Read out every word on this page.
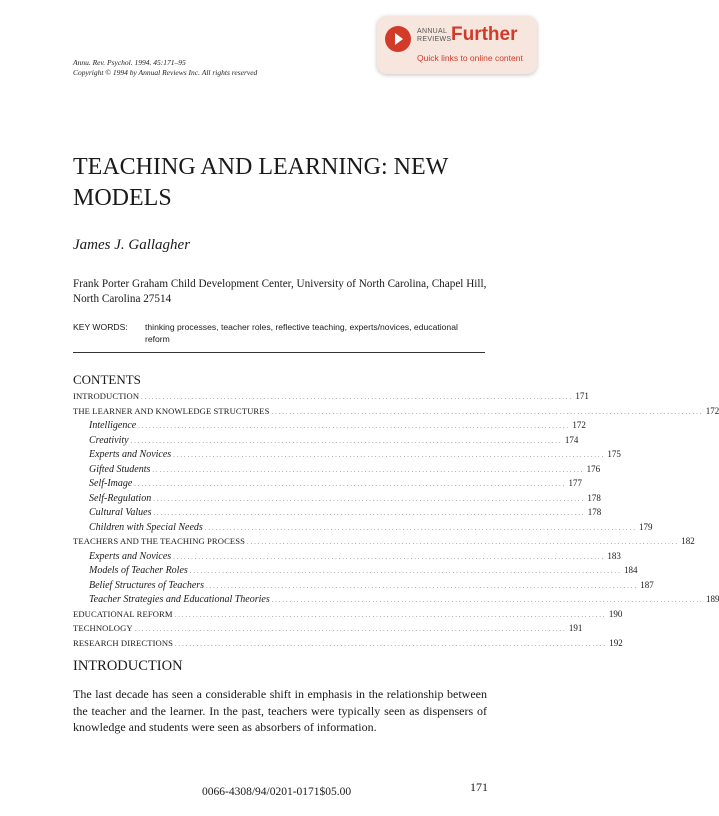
ANNUAL
REVIEWS Further
Quick links to online content
Annu. Rev. Psychol. 1994. 45:171–95
Copyright © 1994 by Annual Reviews Inc. All rights reserved
TEACHING AND LEARNING: NEW
MODELS
James J. Gallagher
Frank Porter Graham Child Development Center, University of North Carolina, Chapel Hill, North Carolina 27514
KEY WORDS: thinking processes, teacher roles, reflective teaching, experts/novices, educational reform
CONTENTS
INTRODUCTION . . . . . . . . . . . . . . . . . . . . . . . . . . . . . . . . . . . . . . . . . . . . . . . . . . . . . . . . . . . . . . . . . . . . . . . . . . . . . . . . . . . . . . . . . . . . . . . . . . . . . . . . . . . . . . . . . . . . . . . . 171
THE LEARNER AND KNOWLEDGE STRUCTURES . . . . . . . . . . . . . . . . . . . . . . . . . . . . . . . . . . . . . . . . . . . . . . . . . . . . . . . . . . . . . . . . . . . . . . . . . . . . . . . . . . . . . . . . . . . . . . . . . . . . . . . . . . . . . . . . . . . . . . . . 172
Intelligence . . . . . . . . . . . . . . . . . . . . . . . . . . . . . . . . . . . . . . . . . . . . . . . . . . . . . . . . . . . . . . . . . . . . . . . . . . . . . . . . . . . . . . . . . . . . . . . . . . . . . . . . . . . . . . . . . . . . . . . . 172
Creativity . . . . . . . . . . . . . . . . . . . . . . . . . . . . . . . . . . . . . . . . . . . . . . . . . . . . . . . . . . . . . . . . . . . . . . . . . . . . . . . . . . . . . . . . . . . . . . . . . . . . . . . . . . . . . . . . . . . . . . . . 174
Experts and Novices . . . . . . . . . . . . . . . . . . . . . . . . . . . . . . . . . . . . . . . . . . . . . . . . . . . . . . . . . . . . . . . . . . . . . . . . . . . . . . . . . . . . . . . . . . . . . . . . . . . . . . . . . . . . . . . . . . . . . . . . 175
Gifted Students . . . . . . . . . . . . . . . . . . . . . . . . . . . . . . . . . . . . . . . . . . . . . . . . . . . . . . . . . . . . . . . . . . . . . . . . . . . . . . . . . . . . . . . . . . . . . . . . . . . . . . . . . . . . . . . . . . . . . . . . 176
Self-Image . . . . . . . . . . . . . . . . . . . . . . . . . . . . . . . . . . . . . . . . . . . . . . . . . . . . . . . . . . . . . . . . . . . . . . . . . . . . . . . . . . . . . . . . . . . . . . . . . . . . . . . . . . . . . . . . . . . . . . . . 177
Self-Regulation . . . . . . . . . . . . . . . . . . . . . . . . . . . . . . . . . . . . . . . . . . . . . . . . . . . . . . . . . . . . . . . . . . . . . . . . . . . . . . . . . . . . . . . . . . . . . . . . . . . . . . . . . . . . . . . . . . . . . . . . 178
Cultural Values . . . . . . . . . . . . . . . . . . . . . . . . . . . . . . . . . . . . . . . . . . . . . . . . . . . . . . . . . . . . . . . . . . . . . . . . . . . . . . . . . . . . . . . . . . . . . . . . . . . . . . . . . . . . . . . . . . . . . . . . 178
Children with Special Needs . . . . . . . . . . . . . . . . . . . . . . . . . . . . . . . . . . . . . . . . . . . . . . . . . . . . . . . . . . . . . . . . . . . . . . . . . . . . . . . . . . . . . . . . . . . . . . . . . . . . . . . . . . . . . . . . . . . . . . . . 179
TEACHERS AND THE TEACHING PROCESS . . . . . . . . . . . . . . . . . . . . . . . . . . . . . . . . . . . . . . . . . . . . . . . . . . . . . . . . . . . . . . . . . . . . . . . . . . . . . . . . . . . . . . . . . . . . . . . . . . . . . . . . . . . . . . . . . . . . . . . . 182
Experts and Novices . . . . . . . . . . . . . . . . . . . . . . . . . . . . . . . . . . . . . . . . . . . . . . . . . . . . . . . . . . . . . . . . . . . . . . . . . . . . . . . . . . . . . . . . . . . . . . . . . . . . . . . . . . . . . . . . . . . . . . . . 183
Models of Teacher Roles . . . . . . . . . . . . . . . . . . . . . . . . . . . . . . . . . . . . . . . . . . . . . . . . . . . . . . . . . . . . . . . . . . . . . . . . . . . . . . . . . . . . . . . . . . . . . . . . . . . . . . . . . . . . . . . . . . . . . . . . 184
Belief Structures of Teachers . . . . . . . . . . . . . . . . . . . . . . . . . . . . . . . . . . . . . . . . . . . . . . . . . . . . . . . . . . . . . . . . . . . . . . . . . . . . . . . . . . . . . . . . . . . . . . . . . . . . . . . . . . . . . . . . . . . . . . . . 187
Teacher Strategies and Educational Theories . . . . . . . . . . . . . . . . . . . . . . . . . . . . . . . . . . . . . . . . . . . . . . . . . . . . . . . . . . . . . . . . . . . . . . . . . . . . . . . . . . . . . . . . . . . . . . . . . . . . . . . . . . . . . . . . . . . . . . . . 189
EDUCATIONAL REFORM . . . . . . . . . . . . . . . . . . . . . . . . . . . . . . . . . . . . . . . . . . . . . . . . . . . . . . . . . . . . . . . . . . . . . . . . . . . . . . . . . . . . . . . . . . . . . . . . . . . . . . . . . . . . . . . . . . . . . . . . 190
TECHNOLOGY . . . . . . . . . . . . . . . . . . . . . . . . . . . . . . . . . . . . . . . . . . . . . . . . . . . . . . . . . . . . . . . . . . . . . . . . . . . . . . . . . . . . . . . . . . . . . . . . . . . . . . . . . . . . . . . . . . . . . . . . 191
RESEARCH DIRECTIONS . . . . . . . . . . . . . . . . . . . . . . . . . . . . . . . . . . . . . . . . . . . . . . . . . . . . . . . . . . . . . . . . . . . . . . . . . . . . . . . . . . . . . . . . . . . . . . . . . . . . . . . . . . . . . . . . . . . . . . . . 192
INTRODUCTION

The last decade has seen a considerable shift in emphasis in the relationship between the teacher and the learner. In the past, teachers were typically seen as dispensers of knowledge and students were seen as absorbers of information.

0066-4308/94/0201-0171$05.00	171
